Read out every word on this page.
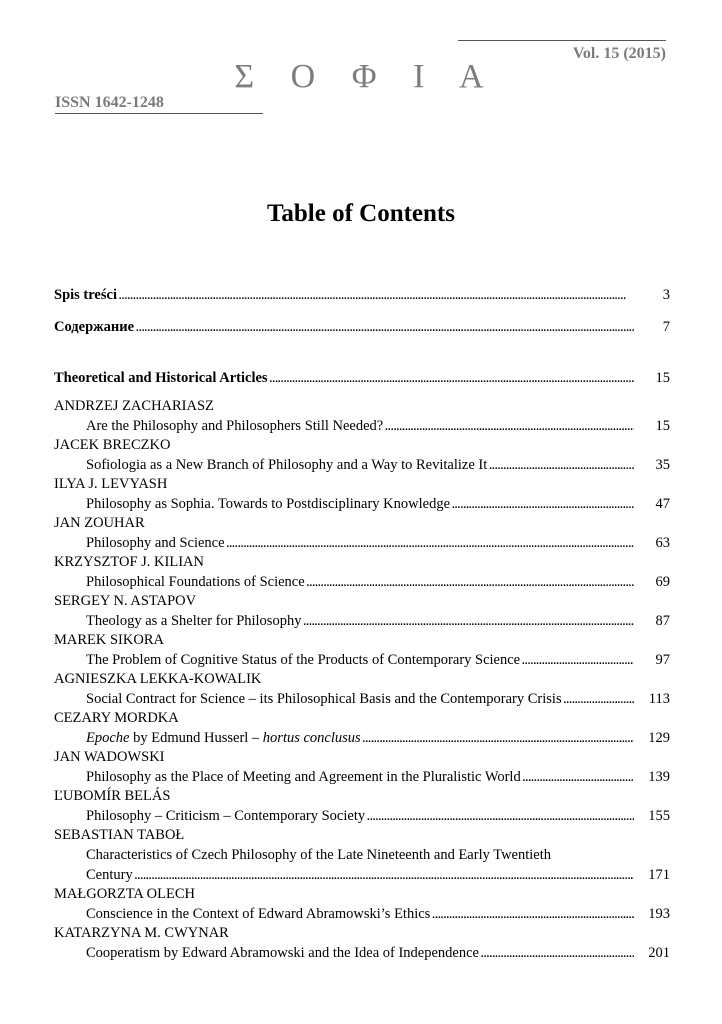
Vol. 15 (2015)
Σ Ο Φ Ι Α
ISSN 1642-1248
Table of Contents
Spis treści . . .	3
Содержание . . .	7
Theoretical and Historical Articles . . .	15
ANDRZEJ ZACHARIASZ
Are the Philosophy and Philosophers Still Needed? . . .	15
JACEK BRECZKO
Sofiologia as a New Branch of Philosophy and a Way to Revitalize It . . .	35
ILYA J. LEVYASH
Philosophy as Sophia. Towards to Postdisciplinary Knowledge . . .	47
JAN ZOUHAR
Philosophy and Science . . .	63
KRZYSZTOF J. KILIAN
Philosophical Foundations of Science . . .	69
SERGEY N. ASTAPOV
Theology as a Shelter for Philosophy . . .	87
MAREK SIKORA
The Problem of Cognitive Status of the Products of Contemporary Science . . .	97
AGNIESZKA LEKKA-KOWALIK
Social Contract for Science – its Philosophical Basis and the Contemporary Crisis . . .	113
CEZARY MORDKA
Epoche by Edmund Husserl – hortus conclusus . . .	129
JAN WADOWSKI
Philosophy as the Place of Meeting and Agreement in the Pluralistic World . . .	139
ĽUBOMÍR BELÁS
Philosophy – Criticism – Contemporary Society . . .	155
SEBASTIAN TABOŁ
Characteristics of Czech Philosophy of the Late Nineteenth and Early Twentieth
Century . . .	171
MAŁGORZTA OLECH
Conscience in the Context of Edward Abramowski’s Ethics . . .	193
KATARZYNA M. CWYNAR
Cooperatism by Edward Abramowski and the Idea of Independence . . .	201
